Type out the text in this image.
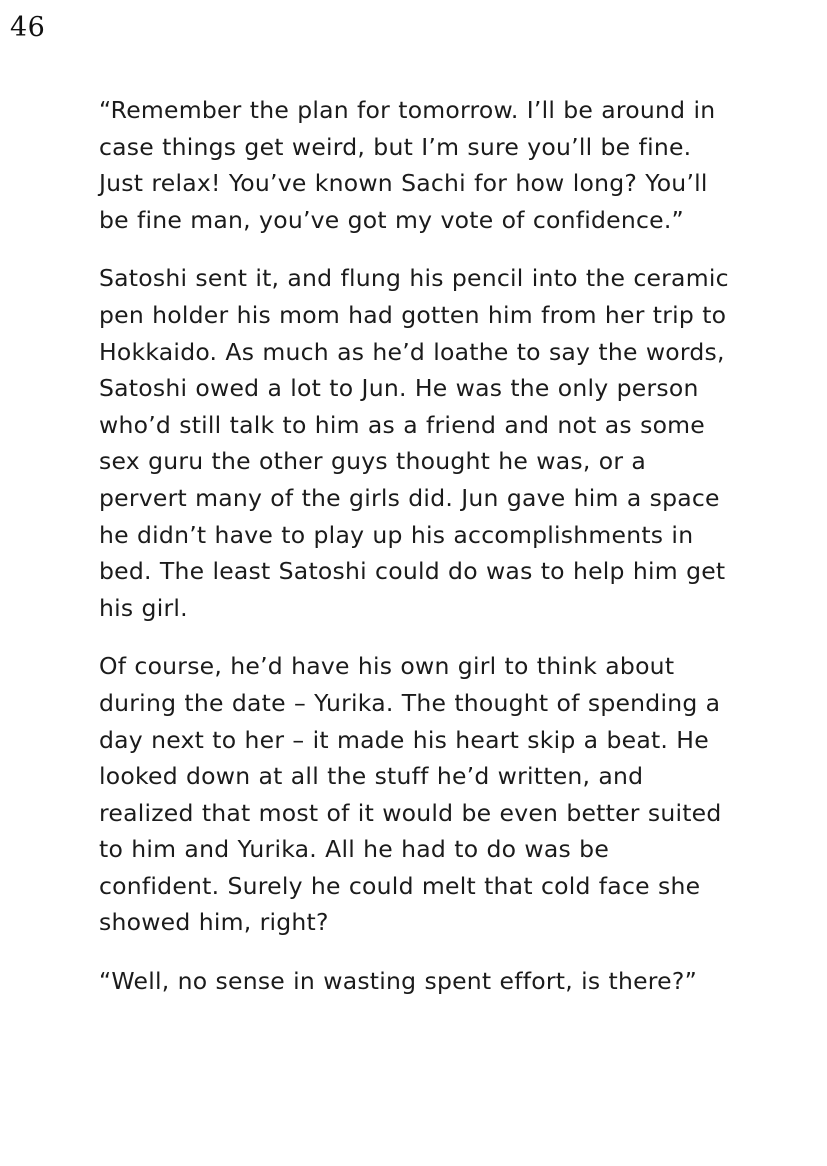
46

“Remember the plan for tomorrow. I’ll be around in case things get weird, but I’m sure you’ll be fine. Just relax! You’ve known Sachi for how long? You’ll be fine man, you’ve got my vote of confidence.”

Satoshi sent it, and flung his pencil into the ceramic pen holder his mom had gotten him from her trip to Hokkaido. As much as he’d loathe to say the words, Satoshi owed a lot to Jun. He was the only person who’d still talk to him as a friend and not as some sex guru the other guys thought he was, or a pervert many of the girls did. Jun gave him a space he didn’t have to play up his accomplishments in bed. The least Satoshi could do was to help him get his girl.

Of course, he’d have his own girl to think about during the date – Yurika. The thought of spending a day next to her – it made his heart skip a beat. He looked down at all the stuff he’d written, and realized that most of it would be even better suited to him and Yurika. All he had to do was be confident. Surely he could melt that cold face she showed him, right?

“Well, no sense in wasting spent effort, is there?”
